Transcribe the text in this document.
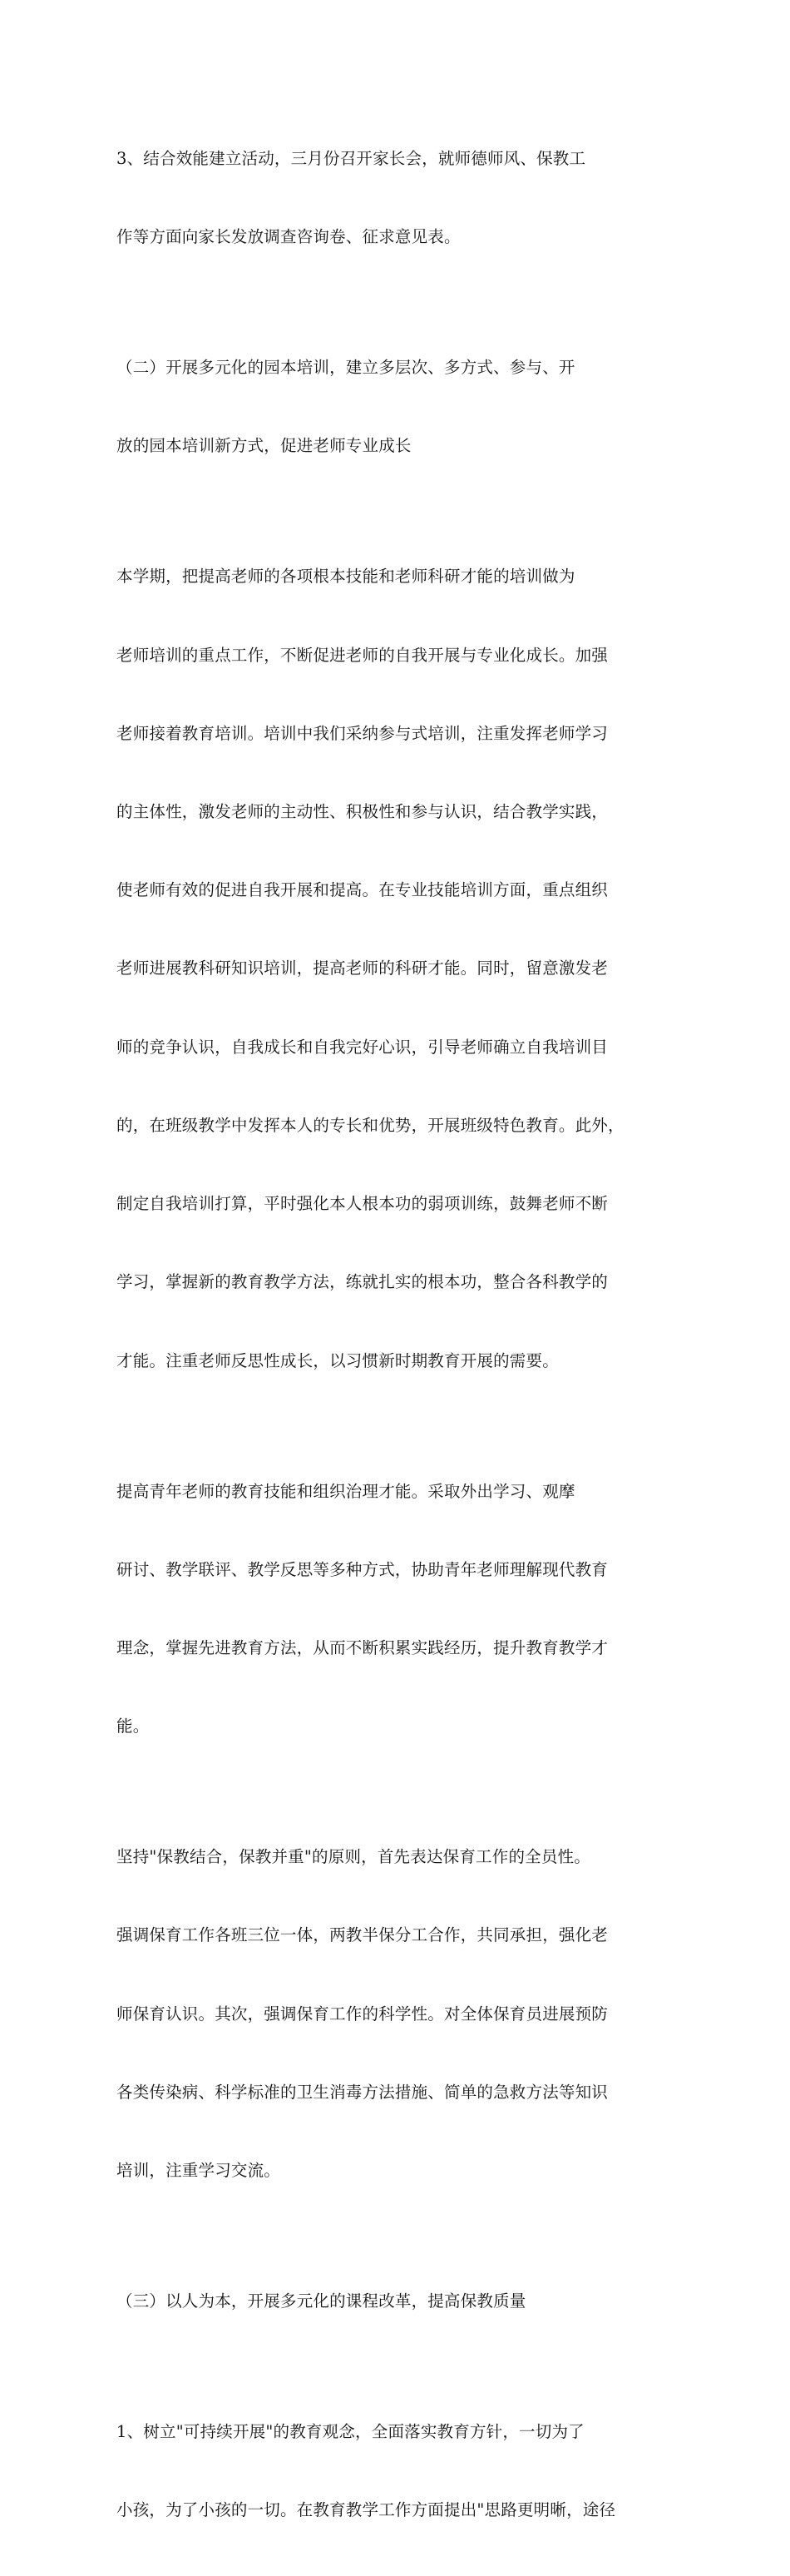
3、结合效能建立活动，三月份召开家长会，就师德师风、保教工

作等方面向家长发放调查咨询卷、征求意见表。

（二）开展多元化的园本培训，建立多层次、多方式、参与、开

放的园本培训新方式，促进老师专业成长

本学期，把提高老师的各项根本技能和老师科研才能的培训做为

老师培训的重点工作，不断促进老师的自我开展与专业化成长。加强

老师接着教育培训。培训中我们采纳参与式培训，注重发挥老师学习

的主体性，激发老师的主动性、积极性和参与认识，结合教学实践，

使老师有效的促进自我开展和提高。在专业技能培训方面，重点组织

老师进展教科研知识培训，提高老师的科研才能。同时，留意激发老

师的竞争认识，自我成长和自我完好心识，引导老师确立自我培训目

的，在班级教学中发挥本人的专长和优势，开展班级特色教育。此外，

制定自我培训打算，平时强化本人根本功的弱项训练，鼓舞老师不断

学习，掌握新的教育教学方法，练就扎实的根本功，整合各科教学的

才能。注重老师反思性成长，以习惯新时期教育开展的需要。

提高青年老师的教育技能和组织治理才能。采取外出学习、观摩

研讨、教学联评、教学反思等多种方式，协助青年老师理解现代教育

理念，掌握先进教育方法，从而不断积累实践经历，提升教育教学才

能。

坚持"保教结合，保教并重"的原则，首先表达保育工作的全员性。

强调保育工作各班三位一体，两教半保分工合作，共同承担，强化老

师保育认识。其次，强调保育工作的科学性。对全体保育员进展预防

各类传染病、科学标准的卫生消毒方法措施、简单的急救方法等知识

培训，注重学习交流。

（三）以人为本，开展多元化的课程改革，提高保教质量

1、树立"可持续开展"的教育观念，全面落实教育方针，一切为了

小孩，为了小孩的一切。在教育教学工作方面提出"思路更明晰，途径
